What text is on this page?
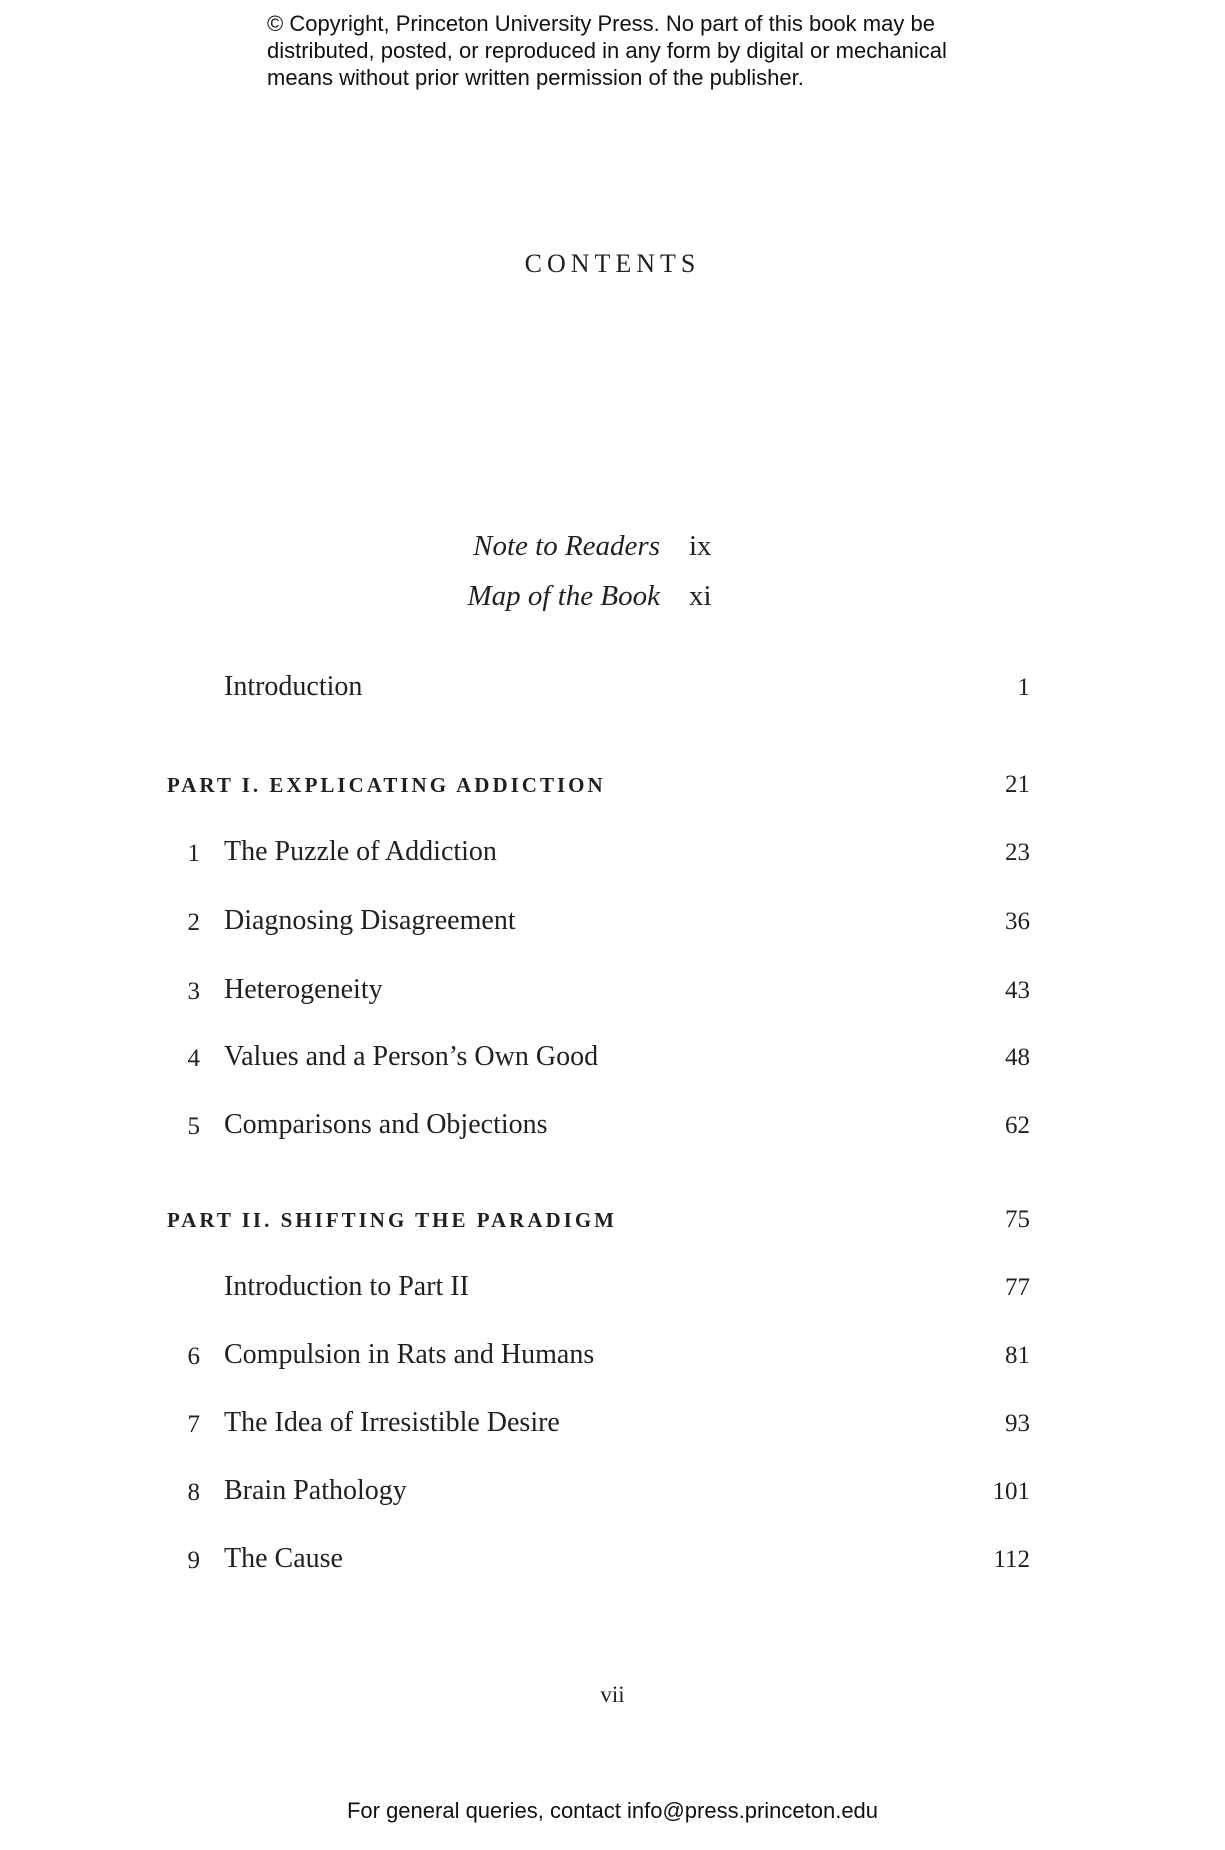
© Copyright, Princeton University Press. No part of this book may be
distributed, posted, or reproduced in any form by digital or mechanical
means without prior written permission of the publisher.
CONTENTS
Note to Readers ix
Map of the Book xi
Introduction	1
PART I. EXPLICATING ADDICTION	21
1 The Puzzle of Addiction	23
2 Diagnosing Disagreement	36
3 Heterogeneity	43
4 Values and a Person’s Own Good	48
5 Comparisons and Objections	62
PART II. SHIFTING THE PARADIGM	75
Introduction to Part II	77
6 Compulsion in Rats and Humans	81
7 The Idea of Irresistible Desire	93
8 Brain Pathology	101
9 The Cause	112
vii
For general queries, contact info@press.princeton.edu
